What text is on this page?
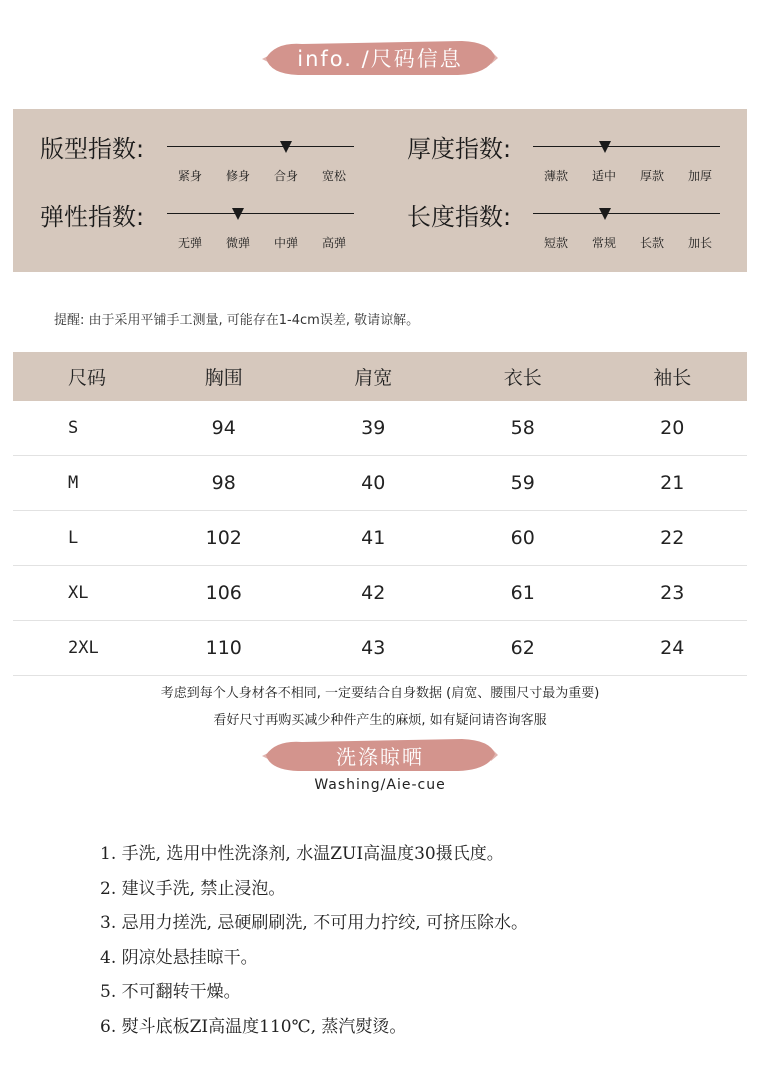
info. /尺码信息
版型指数:
紧身	修身	合身	宽松
厚度指数:
薄款	适中	厚款	加厚
弹性指数:
无弹	微弹	中弹	高弹
长度指数:
短款	常规	长款	加长
提醒: 由于采用平铺手工测量, 可能存在1-4cm误差, 敬请谅解。
尺码	胸围	肩宽	衣长	袖长
S	94	39	58	20
M	98	40	59	21
L	102	41	60	22
XL	106	42	61	23
2XL	110	43	62	24
考虑到每个人身材各不相同, 一定要结合自身数据 (肩宽、腰围尺寸最为重要)
看好尺寸再购买减少种件产生的麻烦, 如有疑问请咨询客服
洗涤晾晒
Washing/Aie-cue
1. 手洗, 选用中性洗涤剂, 水温ZUI高温度30摄氏度。
2. 建议手洗, 禁止浸泡。
3. 忌用力搓洗, 忌硬刷刷洗, 不可用力拧绞, 可挤压除水。
4. 阴凉处悬挂晾干。
5. 不可翻转干燥。
6. 熨斗底板ZI高温度110℃, 蒸汽熨烫。
